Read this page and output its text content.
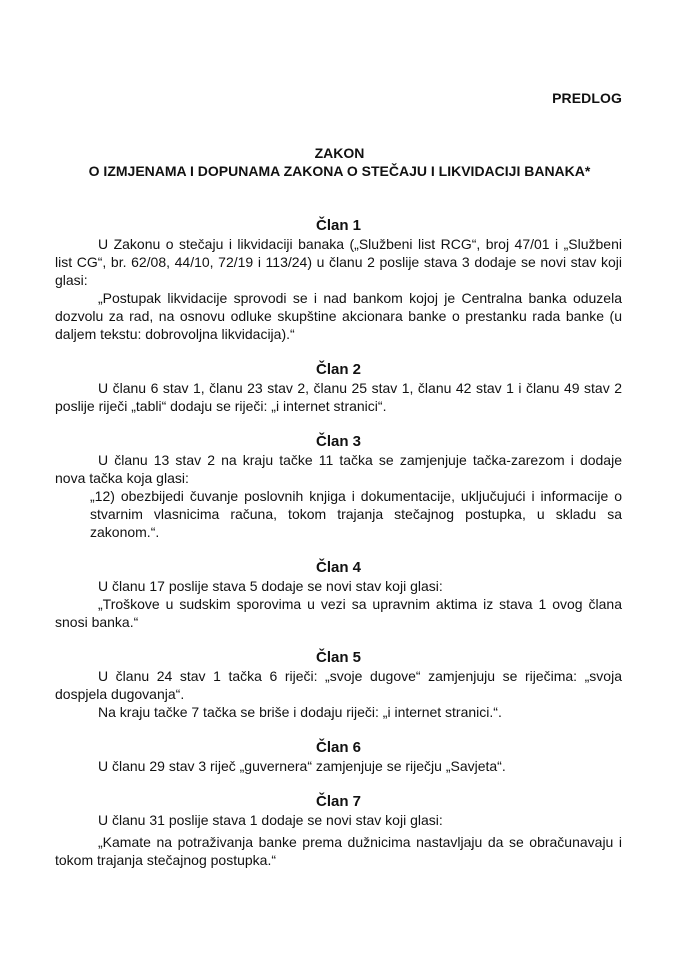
PREDLOG
ZAKON
O IZMJENAMA I DOPUNAMA ZAKONA O STEČAJU I LIKVIDACIJI BANAKA*
Član 1

U Zakonu o stečaju i likvidaciji banaka („Službeni list RCG“, broj 47/01 i „Službeni list CG“, br. 62/08, 44/10, 72/19 i 113/24) u članu 2 poslije stava 3 dodaje se novi stav koji glasi:

„Postupak likvidacije sprovodi se i nad bankom kojoj je Centralna banka oduzela dozvolu za rad, na osnovu odluke skupštine akcionara banke o prestanku rada banke (u daljem tekstu: dobrovoljna likvidacija).“

Član 2

U članu 6 stav 1, članu 23 stav 2, članu 25 stav 1, članu 42 stav 1 i članu 49 stav 2 poslije riječi „tabli“ dodaju se riječi: „i internet stranici“.

Član 3

U članu 13 stav 2 na kraju tačke 11 tačka se zamjenjuje tačka-zarezom i dodaje nova tačka koja glasi:

„12) obezbijedi čuvanje poslovnih knjiga i dokumentacije, uključujući i informacije o stvarnim vlasnicima računa, tokom trajanja stečajnog postupka, u skladu sa zakonom.“.

Član 4

U članu 17 poslije stava 5 dodaje se novi stav koji glasi:

„Troškove u sudskim sporovima u vezi sa upravnim aktima iz stava 1 ovog člana snosi banka.“

Član 5

U članu 24 stav 1 tačka 6 riječi: „svoje dugove“ zamjenjuju se riječima: „svoja dospjela dugovanja“.

Na kraju tačke 7 tačka se briše i dodaju riječi: „i internet stranici.“.

Član 6

U članu 29 stav 3 riječ „guvernera“ zamjenjuje se riječju „Savjeta“.

Član 7

U članu 31 poslije stava 1 dodaje se novi stav koji glasi:

„Kamate na potraživanja banke prema dužnicima nastavljaju da se obračunavaju i tokom trajanja stečajnog postupka.“
